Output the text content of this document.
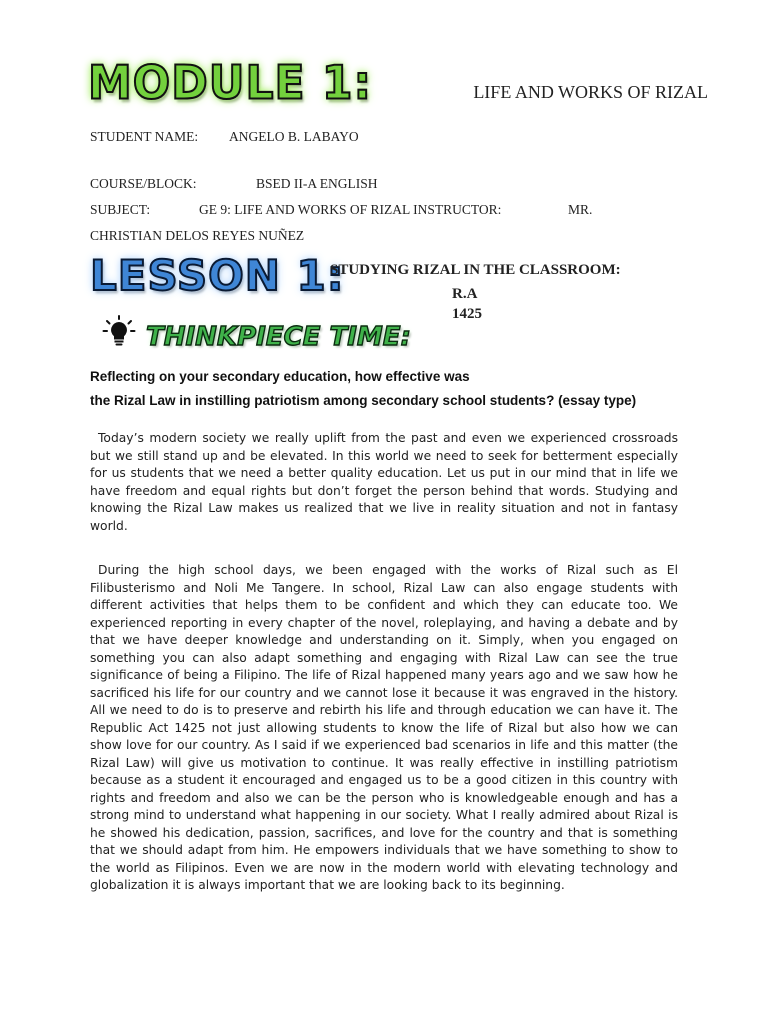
MODULE 1:	LIFE AND WORKS OF RIZAL
STUDENT NAME: ANGELO B. LABAYO
COURSE/BLOCK:	BSED II-A ENGLISH
SUBJECT:	GE 9: LIFE AND WORKS OF RIZAL INSTRUCTOR:	MR.
CHRISTIAN DELOS REYES NUÑEZ
LESSON 1:
STUDYING RIZAL IN THE CLASSROOM:
R.A
1425
THINKPIECE TIME:
Reflecting on your secondary education, how effective was
the Rizal Law in instilling patriotism among secondary school students? (essay type)

Today’s modern society we really uplift from the past and even we experienced crossroads but we still stand up and be elevated. In this world we need to seek for betterment especially for us students that we need a better quality education. Let us put in our mind that in life we have freedom and equal rights but don’t forget the person behind that words. Studying and knowing the Rizal Law makes us realized that we live in reality situation and not in fantasy world.

During the high school days, we been engaged with the works of Rizal such as El Filibusterismo and Noli Me Tangere. In school, Rizal Law can also engage students with different activities that helps them to be confident and which they can educate too. We experienced reporting in every chapter of the novel, roleplaying, and having a debate and by that we have deeper knowledge and understanding on it. Simply, when you engaged on something you can also adapt something and engaging with Rizal Law can see the true significance of being a Filipino. The life of Rizal happened many years ago and we saw how he sacrificed his life for our country and we cannot lose it because it was engraved in the history. All we need to do is to preserve and rebirth his life and through education we can have it. The Republic Act 1425 not just allowing students to know the life of Rizal but also how we can show love for our country. As I said if we experienced bad scenarios in life and this matter (the Rizal Law) will give us motivation to continue. It was really effective in instilling patriotism because as a student it encouraged and engaged us to be a good citizen in this country with rights and freedom and also we can be the person who is knowledgeable enough and has a strong mind to understand what happening in our society. What I really admired about Rizal is he showed his dedication, passion, sacrifices, and love for the country and that is something that we should adapt from him. He empowers individuals that we have something to show to the world as Filipinos. Even we are now in the modern world with elevating technology and globalization it is always important that we are looking back to its beginning.
